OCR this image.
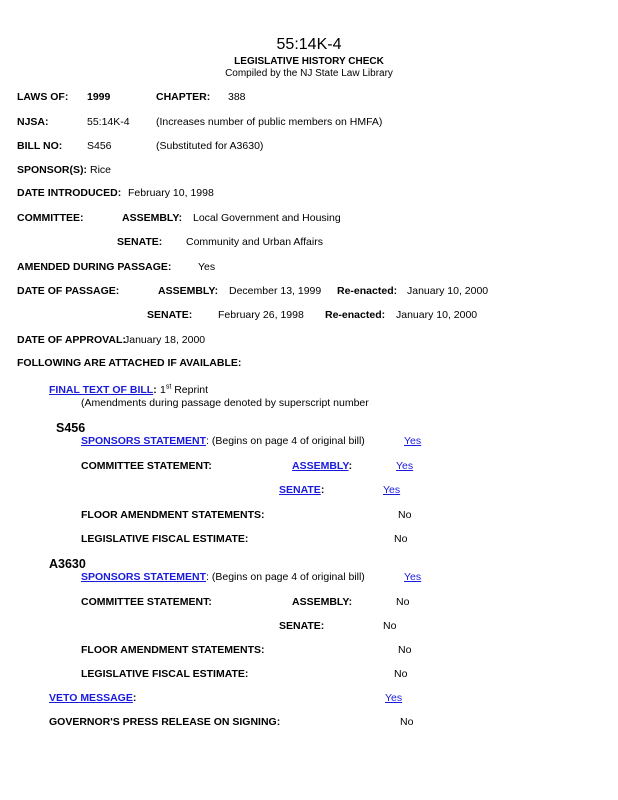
55:14K-4
LEGISLATIVE HISTORY CHECK
Compiled by the NJ State Law Library
LAWS OF: 1999	CHAPTER: 388
NJSA:	55:14K-4	(Increases number of public members on HMFA)
BILL NO: S456	(Substituted for A3630)
SPONSOR(S): Rice
DATE INTRODUCED: February 10, 1998
COMMITTEE:	ASSEMBLY: Local Government and Housing
SENATE: Community and Urban Affairs
AMENDED DURING PASSAGE:	Yes
DATE OF PASSAGE:	ASSEMBLY: December 13, 1999 Re-enacted: January 10, 2000
SENATE: February 26, 1998 Re-enacted: January 10, 2000
DATE OF APPROVAL:
January 18, 2000
FOLLOWING ARE ATTACHED IF AVAILABLE:
FINAL TEXT OF BILL: 1st Reprint
(Amendments during passage denoted by superscript number
S456
SPONSORS STATEMENT: (Begins on page 4 of original bill)	Yes
COMMITTEE STATEMENT:	ASSEMBLY:	Yes
SENATE:	Yes
FLOOR AMENDMENT STATEMENTS:	No
LEGISLATIVE FISCAL ESTIMATE:	No
A3630
SPONSORS STATEMENT: (Begins on page 4 of original bill)	Yes
COMMITTEE STATEMENT:	ASSEMBLY:	No
SENATE:	No
FLOOR AMENDMENT STATEMENTS:	No
LEGISLATIVE FISCAL ESTIMATE:	No
VETO MESSAGE:	Yes
GOVERNOR'S PRESS RELEASE ON SIGNING:	No
